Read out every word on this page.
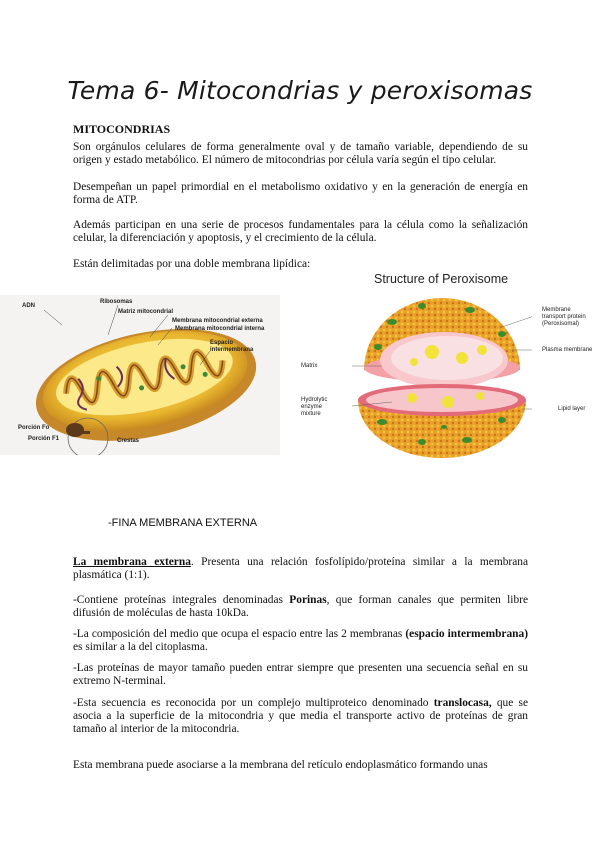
Tema 6- Mitocondrias y peroxisomas
MITOCONDRIAS
Son orgánulos celulares de forma generalmente oval y de tamaño variable, dependiendo de su origen y estado metabólico. El número de mitocondrias por célula varía según el tipo celular.
Desempeñan un papel primordial en el metabolismo oxidativo y en la generación de energía en forma de ATP.
Además participan en una serie de procesos fundamentales para la célula como la señalización celular, la diferenciación y apoptosis, y el crecimiento de la célula.
Están delimitadas por una doble membrana lipídica:
ADN
Ribosomas
Matriz mitocondrial
Membrana mitocondrial externa
Membrana mitocondrial interna
Espacio
intermembrana
Porción Fo
Porción F1	Crestas
Structure of Peroxisome
Membrane
transport protein
(Peroxisomal)
Plasma membrane
Matrix
Hydrolytic
enzyme
mixture
Lipid layer
-FINA MEMBRANA EXTERNA
La membrana externa. Presenta una relación fosfolípido/proteína similar a la membrana plasmática (1:1).
-Contiene proteínas integrales denominadas Porinas, que forman canales que permiten libre difusión de moléculas de hasta 10kDa.
-La composición del medio que ocupa el espacio entre las 2 membranas (espacio intermembrana) es similar a la del citoplasma.
-Las proteínas de mayor tamaño pueden entrar siempre que presenten una secuencia señal en su extremo N-terminal.
-Esta secuencia es reconocida por un complejo multiproteico denominado translocasa, que se asocia a la superficie de la mitocondria y que media el transporte activo de proteínas de gran tamaño al interior de la mitocondria.
Esta membrana puede asociarse a la membrana del retículo endoplasmático formando unas
